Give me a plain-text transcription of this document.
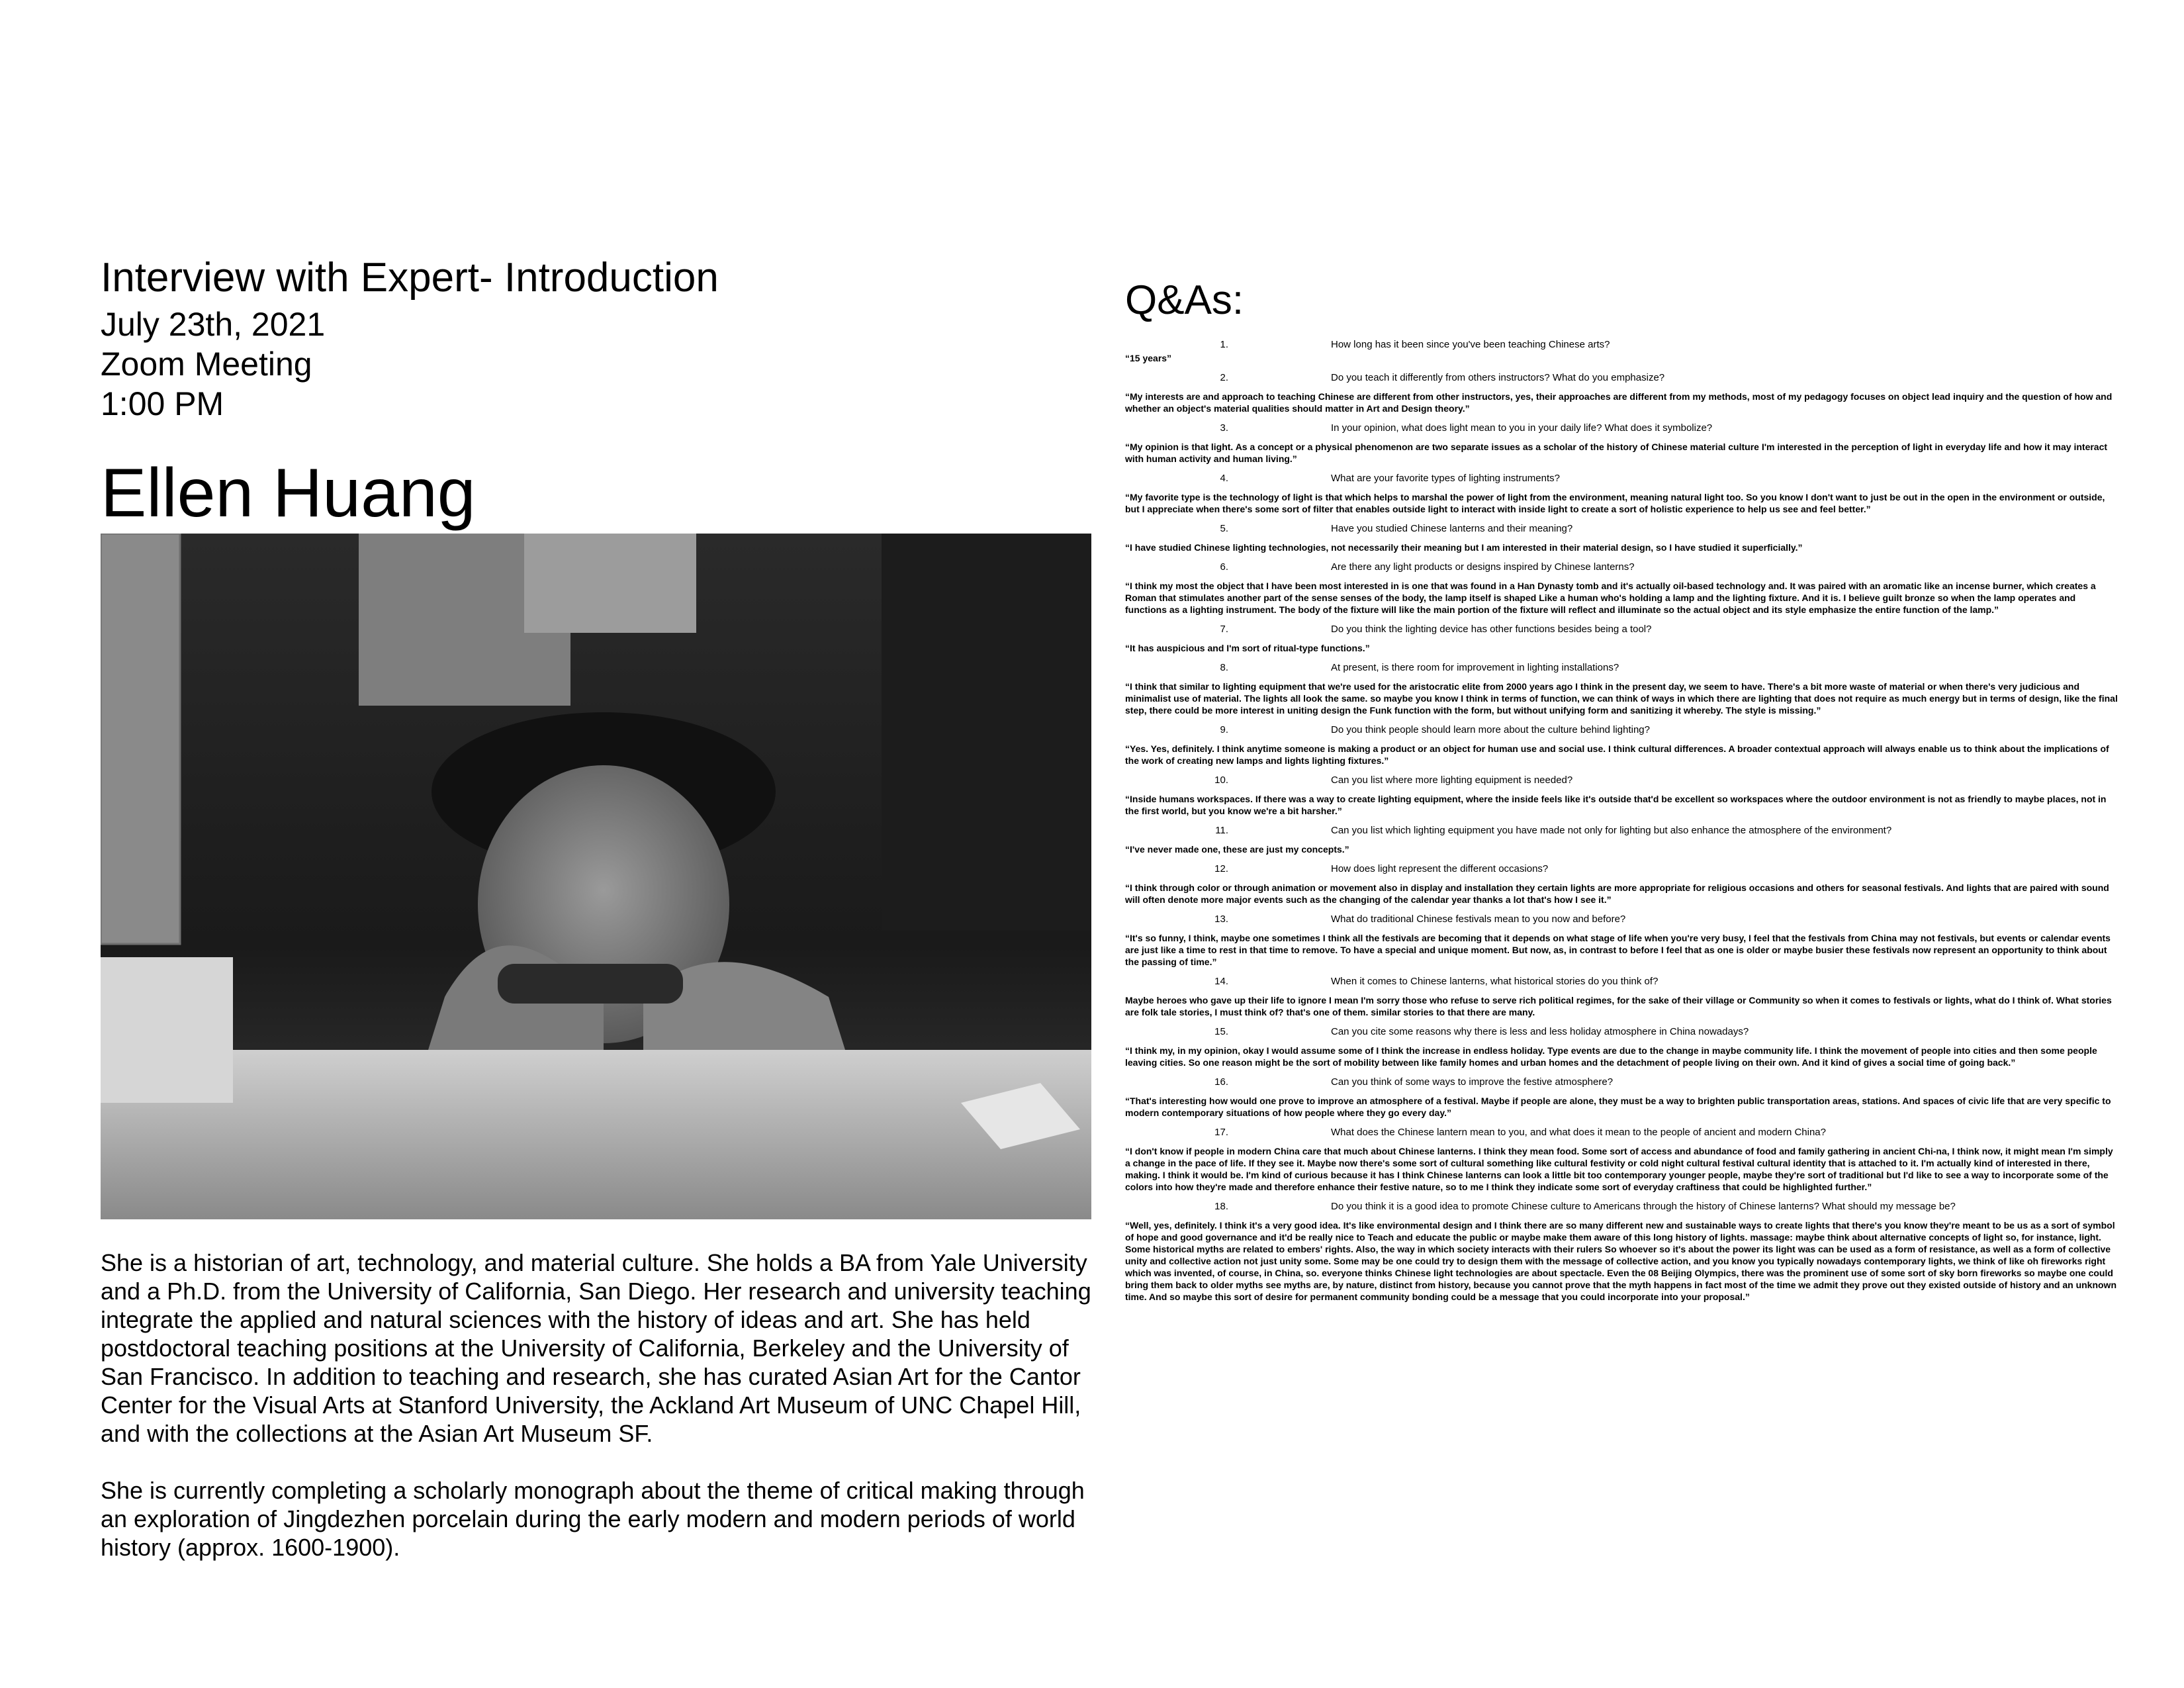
Interview with Expert- Introduction
July 23th, 2021
Zoom Meeting
1:00 PM
Ellen Huang

She is a historian of art, technology, and material culture. She holds a BA from Yale University and a Ph.D. from the University of California, San Diego. Her research and university teaching integrate the applied and natural sciences with the history of ideas and art. She has held postdoctoral teaching positions at the University of California, Berkeley and the University of San Francisco. In addition to teaching and research, she has curated Asian Art for the Cantor Center for the Visual Arts at Stanford University, the Ackland Art Museum of UNC Chapel Hill, and with the collections at the Asian Art Museum SF.

She is currently completing a scholarly monograph about the theme of critical making through an exploration of Jingdezhen porcelain during the early modern and modern periods of world history (approx. 1600-1900).

Q&As:
1.	How long has it been since you've been teaching Chinese arts?
“15 years”
2.	Do you teach it differently from others instructors? What do you emphasize?
“My interests are and approach to teaching Chinese are different from other instructors, yes, their approaches are different from my methods, most of my pedagogy focuses on object lead inquiry and the question of how and whether an object's material qualities should matter in Art and Design theory.”
3.	In your opinion, what does light mean to you in your daily life? What does it symbolize?
“My opinion is that light. As a concept or a physical phenomenon are two separate issues as a scholar of the history of Chinese material culture I'm interested in the perception of light in everyday life and how it may interact with human activity and human living.”
4.	What are your favorite types of lighting instruments?
“My favorite type is the technology of light is that which helps to marshal the power of light from the environment, meaning natural light too. So you know I don't want to just be out in the open in the environment or outside, but I appreciate when there's some sort of filter that enables outside light to interact with inside light to create a sort of holistic experience to help us see and feel better.”
5.	Have you studied Chinese lanterns and their meaning?
“I have studied Chinese lighting technologies, not necessarily their meaning but I am interested in their material design, so I have studied it superficially.”
6.	Are there any light products or designs inspired by Chinese lanterns?
“I think my most the object that I have been most interested in is one that was found in a Han Dynasty tomb and it's actually oil-based technology and. It was paired with an aromatic like an incense burner, which creates a Roman that stimulates another part of the sense senses of the body, the lamp itself is shaped Like a human who's holding a lamp and the lighting fixture. And it is. I believe guilt bronze so when the lamp operates and functions as a lighting instrument. The body of the fixture will like the main portion of the fixture will reflect and illuminate so the actual object and its style emphasize the entire function of the lamp.”
7.	Do you think the lighting device has other functions besides being a tool?
“It has auspicious and I'm sort of ritual-type functions.”
8.	At present, is there room for improvement in lighting installations?
“I think that similar to lighting equipment that we're used for the aristocratic elite from 2000 years ago I think in the present day, we seem to have. There's a bit more waste of material or when there's very judicious and minimalist use of material. The lights all look the same. so maybe you know I think in terms of function, we can think of ways in which there are lighting that does not require as much energy but in terms of design, like the final step, there could be more interest in uniting design the Funk function with the form, but without unifying form and sanitizing it whereby. The style is missing.”
9.	Do you think people should learn more about the culture behind lighting?
“Yes. Yes, definitely. I think anytime someone is making a product or an object for human use and social use. I think cultural differences. A broader contextual approach will always enable us to think about the implications of the work of creating new lamps and lights lighting fixtures.”
10.	Can you list where more lighting equipment is needed?
“Inside humans workspaces. If there was a way to create lighting equipment, where the inside feels like it's outside that'd be excellent so workspaces where the outdoor environment is not as friendly to maybe places, not in the first world, but you know we're a bit harsher.”
11.	Can you list which lighting equipment you have made not only for lighting but also enhance the atmosphere of the environment?
“I've never made one, these are just my concepts.”
12.	How does light represent the different occasions?
“I think through color or through animation or movement also in display and installation they certain lights are more appropriate for religious occasions and others for seasonal festivals. And lights that are paired with sound will often denote more major events such as the changing of the calendar year thanks a lot that's how I see it.”
13.	What do traditional Chinese festivals mean to you now and before?
“It's so funny, I think, maybe one sometimes I think all the festivals are becoming that it depends on what stage of life when you're very busy, I feel that the festivals from China may not festivals, but events or calendar events are just like a time to rest in that time to remove. To have a special and unique moment. But now, as, in contrast to before I feel that as one is older or maybe busier these festivals now represent an opportunity to think about the passing of time.”
14.	When it comes to Chinese lanterns, what historical stories do you think of?
Maybe heroes who gave up their life to ignore I mean I'm sorry those who refuse to serve rich political regimes, for the sake of their village or Community so when it comes to festivals or lights, what do I think of. What stories are folk tale stories, I must think of? that's one of them. similar stories to that there are many.
15.	Can you cite some reasons why there is less and less holiday atmosphere in China nowadays?
“I think my, in my opinion, okay I would assume some of I think the increase in endless holiday. Type events are due to the change in maybe community life. I think the movement of people into cities and then some people leaving cities. So one reason might be the sort of mobility between like family homes and urban homes and the detachment of people living on their own. And it kind of gives a social time of going back.”
16.	Can you think of some ways to improve the festive atmosphere?
“That's interesting how would one prove to improve an atmosphere of a festival. Maybe if people are alone, they must be a way to brighten public transportation areas, stations. And spaces of civic life that are very specific to modern contemporary situations of how people where they go every day.”
17.	What does the Chinese lantern mean to you, and what does it mean to the people of ancient and modern China?
“I don't know if people in modern China care that much about Chinese lanterns. I think they mean food. Some sort of access and abundance of food and family gathering in ancient Chi-na, I think now, it might mean I'm simply a change in the pace of life. If they see it. Maybe now there's some sort of cultural something like cultural festivity or cold night cultural festival cultural identity that is attached to it. I'm actually kind of interested in there, making. I think it would be. I'm kind of curious because it has I think Chinese lanterns can look a little bit too contemporary younger people, maybe they're sort of traditional but I'd like to see a way to incorporate some of the colors into how they're made and therefore enhance their festive nature, so to me I think they indicate some sort of everyday craftiness that could be highlighted further.”
18.	Do you think it is a good idea to promote Chinese culture to Americans through the history of Chinese lanterns? What should my message be?
“Well, yes, definitely. I think it's a very good idea. It's like environmental design and I think there are so many different new and sustainable ways to create lights that there's you know they're meant to be us as a sort of symbol of hope and good governance and it'd be really nice to Teach and educate the public or maybe make them aware of this long history of lights. massage: maybe think about alternative concepts of light so, for instance, light. Some historical myths are related to embers' rights. Also, the way in which society interacts with their rulers So whoever so it's about the power its light was can be used as a form of resistance, as well as a form of collective unity and collective action not just unity some. Some may be one could try to design them with the message of collective action, and you know you typically nowadays contemporary lights, we think of like oh fireworks right which was invented, of course, in China, so. everyone thinks Chinese light technologies are about spectacle. Even the 08 Beijing Olympics, there was the prominent use of some sort of sky born fireworks so maybe one could bring them back to older myths see myths are, by nature, distinct from history, because you cannot prove that the myth happens in fact most of the time we admit they prove out they existed outside of history and an unknown time. And so maybe this sort of desire for permanent community bonding could be a message that you could incorporate into your proposal.”
